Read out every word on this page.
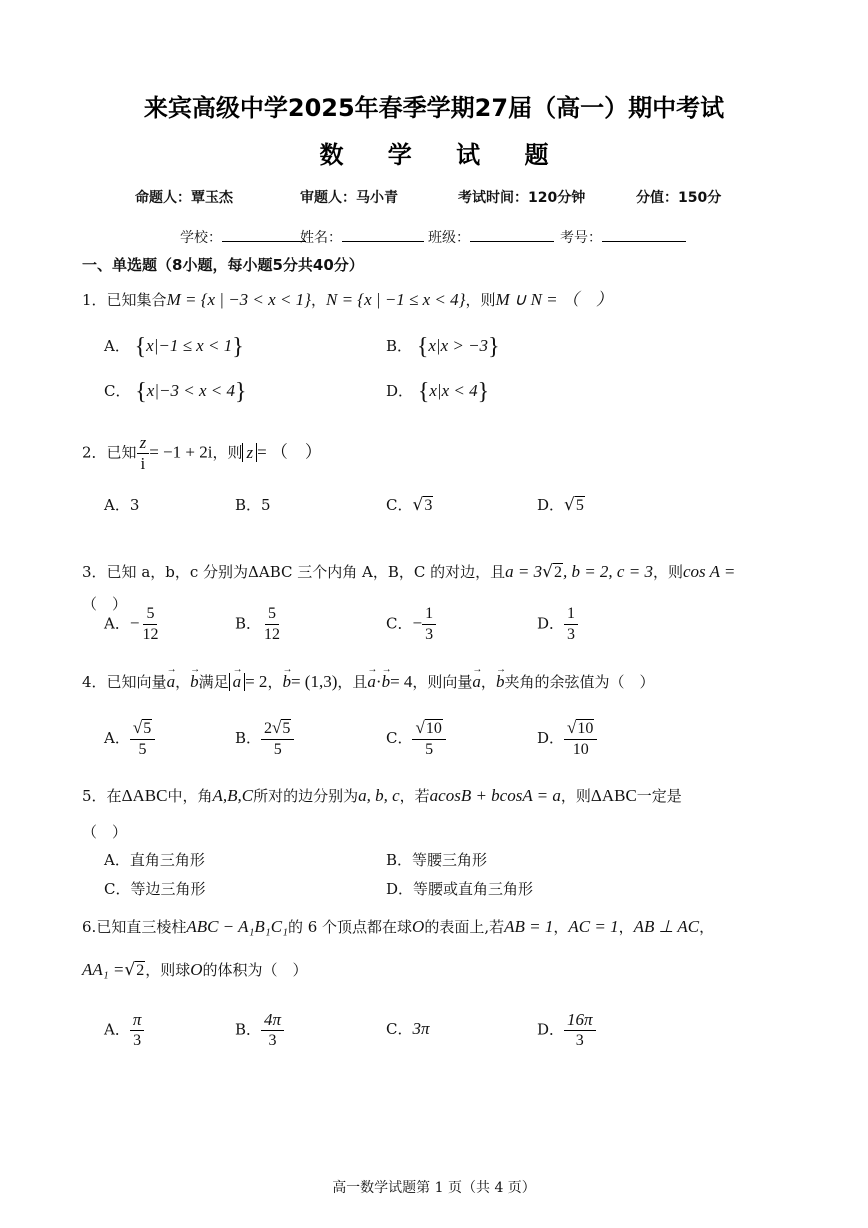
来宾高级中学2025年春季学期27届（高一）期中考试
数 学 试 题
命题人：覃玉杰	审题人：马小青	考试时间：120分钟	分值：150分
学校：	姓名：	班级：	考号：
一、单选题（8小题，每小题5分共40分）
1．已知集合M = {x | −3 < x < 1}，N = {x | −1 ≤ x < 4}，则M ∪ N = （　）
A． {x|−1 ≤ x < 1}	B． {x|x > −3}
C． {x|−3 < x < 4}	D． {x|x < 4}
2．已知 $\frac{z}{i} = -1 + 2i$，则 z = （　）
A．3	B．5	C．√3	D．√5
3．已知 a，b，c 分别为ΔABC 三个内角 A，B，C 的对边，且a = 3√2, b = 2, c = 3，则cos A =
（　）
A．− $\frac{5}{12}$	B． $\frac{5}{12}$	C．− $\frac{1}{3}$	D． $\frac{1}{3}$
4．已知向量→ a，→ b满足→ a = 2，→ b= (1,3)，且→ a·→ b= 4，则向量→ a，→ b夹角的余弦值为（　）
A． $\frac{√5}{5}$	B． $\frac{2√5}{5}$	C． $\frac{√10}{5}$	D． $\frac{√10}{10}$
5．在ΔABC中，角A,B,C所对的边分别为a, b, c，若acosB + bcosA = a，则ΔABC一定是
（　）
A．直角三角形	B．等腰三角形
C．等边三角形	D．等腰或直角三角形
6.已知直三棱柱ABC − A₁B₁C₁的 6 个顶点都在球O的表面上,若AB = 1，AC = 1，AB ⊥ AC，
AA₁ =√2，则球O的体积为（　）
A． $\frac{\pi}{3}$	B． $\frac{4\pi}{3}$	C．3π	D． $\frac{16\pi}{3}$
高一数学试题第 1 页（共 4 页）
